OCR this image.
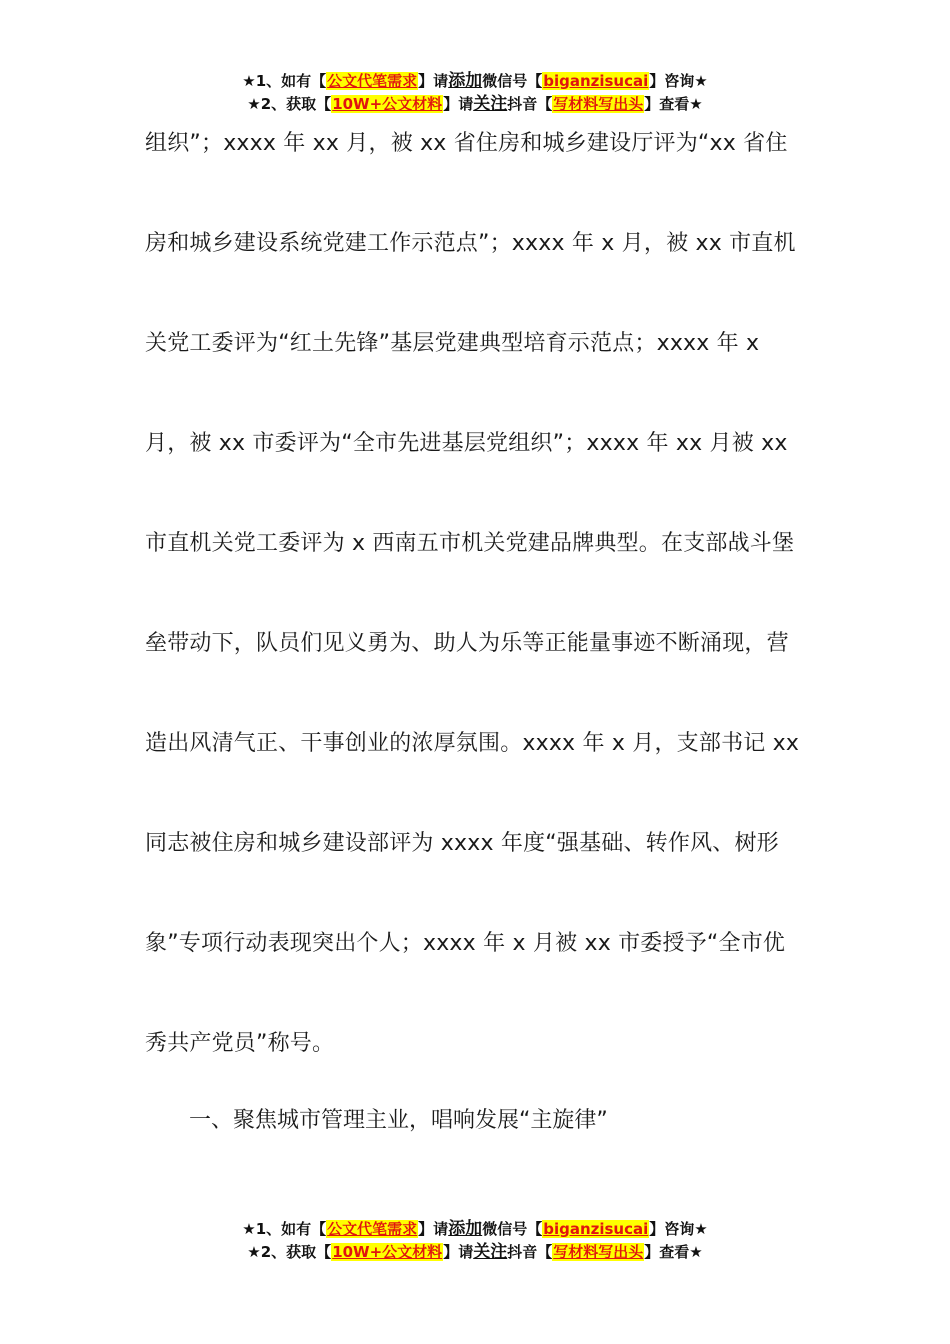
★1、如有【公文代笔需求】请添加微信号【biganzisucai】咨询★
★2、获取【10W+公文材料】请关注抖音【写材料写出头】查看★
组织”；xxxx 年 xx 月，被 xx 省住房和城乡建设厅评为“xx 省住
房和城乡建设系统党建工作示范点”；xxxx 年 x 月，被 xx 市直机
关党工委评为“红土先锋”基层党建典型培育示范点；xxxx 年 x
月，被 xx 市委评为“全市先进基层党组织”；xxxx 年 xx 月被 xx
市直机关党工委评为 x 西南五市机关党建品牌典型。在支部战斗堡
垒带动下，队员们见义勇为、助人为乐等正能量事迹不断涌现，营
造出风清气正、干事创业的浓厚氛围。xxxx 年 x 月，支部书记 xx
同志被住房和城乡建设部评为 xxxx 年度“强基础、转作风、树形
象”专项行动表现突出个人；xxxx 年 x 月被 xx 市委授予“全市优
秀共产党员”称号。
一、聚焦城市管理主业，唱响发展“主旋律”
★1、如有【公文代笔需求】请添加微信号【biganzisucai】咨询★
★2、获取【10W+公文材料】请关注抖音【写材料写出头】查看★
